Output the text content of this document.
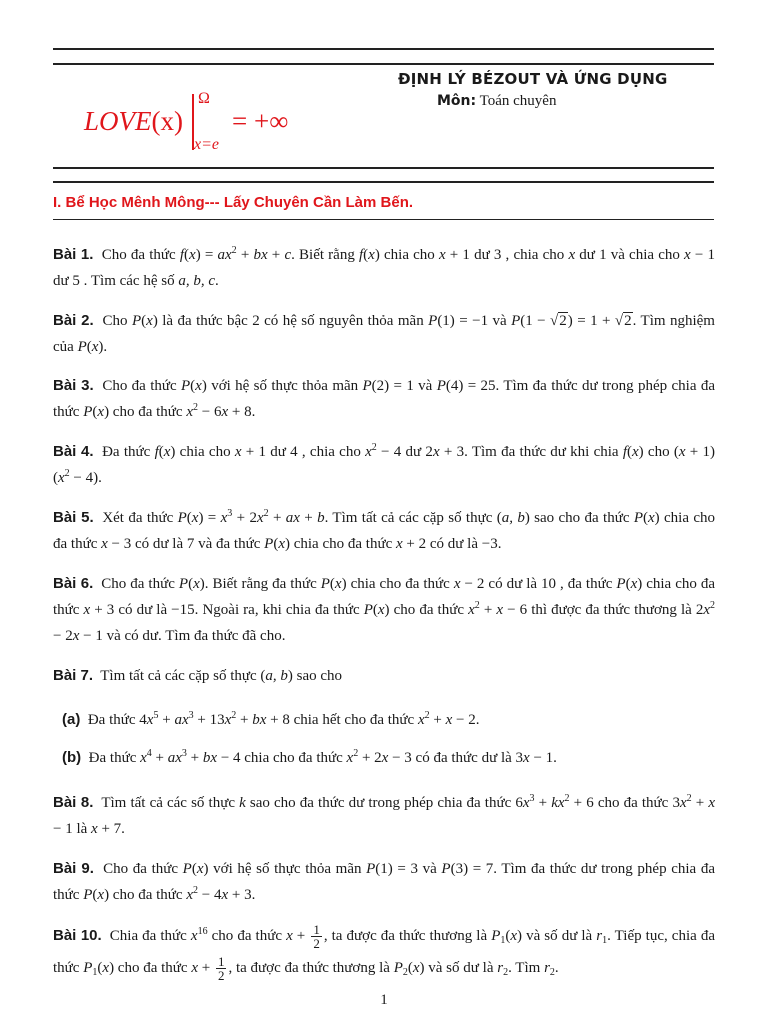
LOVE(x)
Ω
x=e
= +∞
ĐỊNH LÝ BÉZOUT VÀ ỨNG DỤNG
Môn: Toán chuyên
I. Bể Học Mênh Mông--- Lấy Chuyên Cần Làm Bến.
Bài 1.  Cho đa thức $f(x) = ax^2$ + bx + c. Biết rằng f(x) chia cho x + 1 dư 3 , chia cho x dư 1 và chia cho x − 1 dư 5 . Tìm các hệ số a, b, c.
Bài 2.  Cho P(x) là đa thức bậc 2 có hệ số nguyên thỏa mãn P(1) = −1 và P(1 − √2) = 1 + √2. Tìm nghiệm của P(x).
Bài 3.  Cho đa thức P(x) với hệ số thực thỏa mãn P(2) = 1 và P(4) = 25. Tìm đa thức dư trong phép chia đa thức P(x) cho đa thức $x^2 - 6x + 8$.
Bài 4.  Đa thức f(x) chia cho x + 1 dư 4 , chia cho $x^2 - 4$ dư 2x + 3. Tìm đa thức dư khi chia f(x) cho (x + 1) $(x^2 - 4)$.
Bài 5.  Xét đa thức $P(x) = x^3 + 2x^2$ + ax + b. Tìm tất cả các cặp số thực (a, b) sao cho đa thức P(x) chia cho đa thức x − 3 có dư là 7 và đa thức P(x) chia cho đa thức x + 2 có dư là −3.
Bài 6.  Cho đa thức P(x). Biết rằng đa thức P(x) chia cho đa thức x − 2 có dư là 10 , đa thức P(x) chia cho đa thức x + 3 có dư là −15. Ngoài ra, khi chia đa thức P(x) cho đa thức $x^2 + x - 6$ thì được đa thức thương là $2x^2 - 2x - 1$ và có dư. Tìm đa thức đã cho.
Bài 7.  Tìm tất cả các cặp số thực (a, b) sao cho
(a)  Đa thức $4x^5 + ax^3 + 13x^2$ + bx + 8 chia hết cho đa thức $x^2 + x - 2$.
(b)  Đa thức $x^4 + ax^3$ + bx − 4 chia cho đa thức $x^2 + 2x - 3$ có đa thức dư là 3x − 1.
Bài 8.  Tìm tất cả các số thực k sao cho đa thức dư trong phép chia đa thức $6x^3 + kx^2 + 6$ cho đa thức $3x^2 + x - 1$ là x + 7.
Bài 9.  Cho đa thức P(x) với hệ số thực thỏa mãn P(1) = 3 và P(3) = 7. Tìm đa thức dư trong phép chia đa thức P(x) cho đa thức $x^2 - 4x + 3$.
Bài 10.  Chia đa thức $x^{16}$ cho đa thức $x + \frac{1}{2}$ , ta được đa thức thương là $P_1(x)$ và số dư là $r_1$. Tiếp tục, chia đa thức $P_1(x)$ cho đa thức $x + \frac{1}{2}$ , ta được đa thức thương là $P_2(x)$ và số dư là $r_2$. Tìm $r_2$.
1
